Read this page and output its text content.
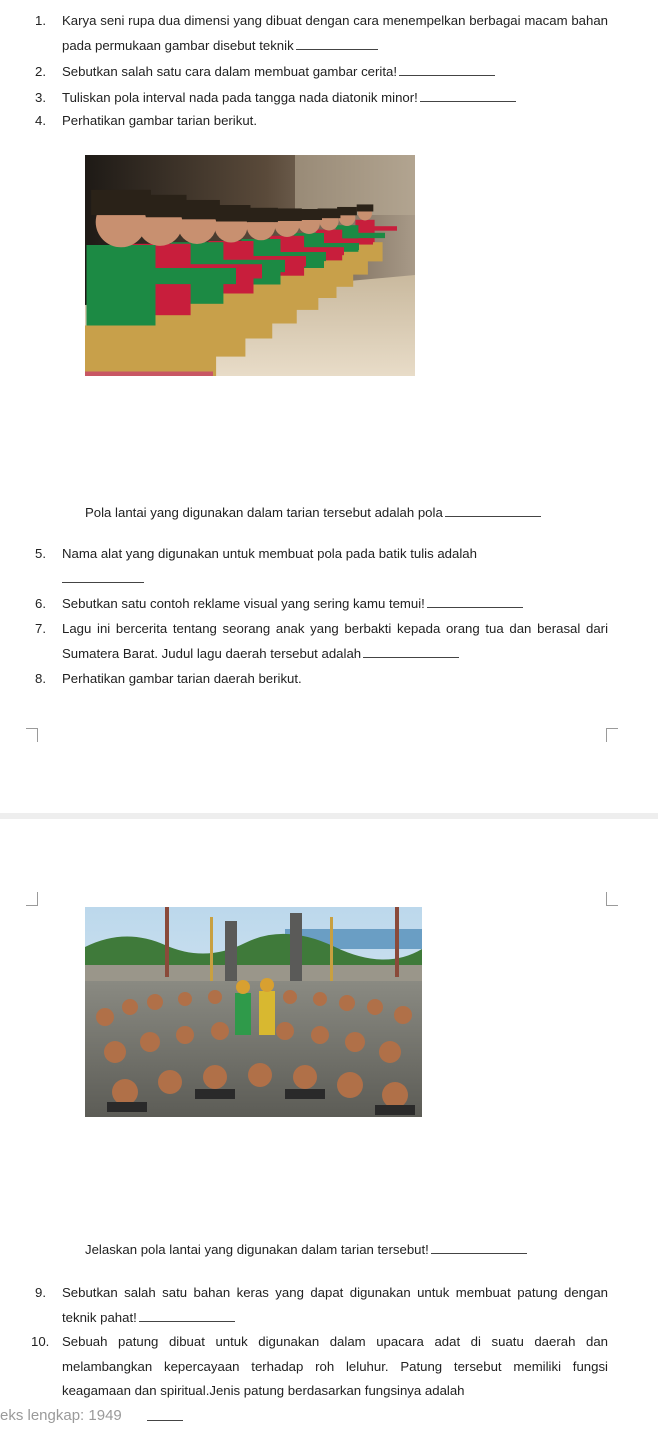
1. Karya seni rupa dua dimensi yang dibuat dengan cara menempelkan berbagai macam bahan pada permukaan gambar disebut teknik
2. Sebutkan salah satu cara dalam membuat gambar cerita!
3. Tuliskan pola interval nada pada tangga nada diatonik minor!
4. Perhatikan gambar tarian berikut.
Pola lantai yang digunakan dalam tarian tersebut adalah pola
5. Nama alat yang digunakan untuk membuat pola pada batik tulis adalah

6. Sebutkan satu contoh reklame visual yang sering kamu temui!
7. Lagu ini bercerita tentang seorang anak yang berbakti kepada orang tua dan berasal dari Sumatera Barat. Judul lagu daerah tersebut adalah
8. Perhatikan gambar tarian daerah berikut.
Jelaskan pola lantai yang digunakan dalam tarian tersebut!
9. Sebutkan salah satu bahan keras yang dapat digunakan untuk membuat patung dengan teknik pahat!
10. Sebuah patung dibuat untuk digunakan dalam upacara adat di suatu daerah dan melambangkan kepercayaan terhadap roh leluhur. Patung tersebut memiliki fungsi keagamaan dan spiritual.Jenis patung berdasarkan fungsinya adalah
eks lengkap: 1949
